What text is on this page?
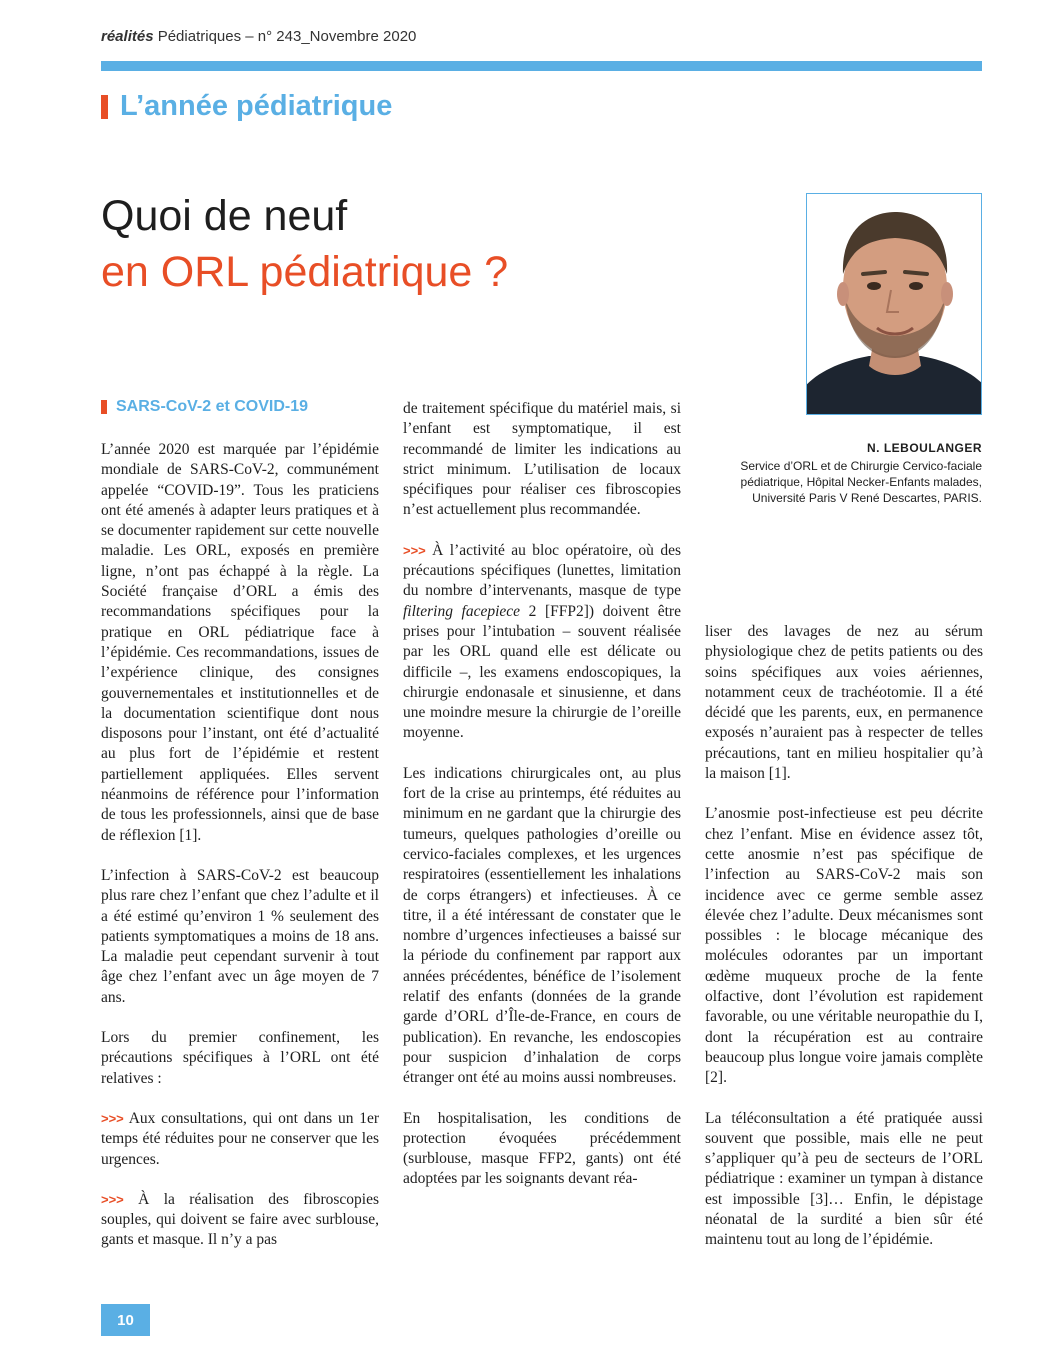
réalités Pédiatriques – n° 243_Novembre 2020
L’année pédiatrique
Quoi de neuf
en ORL pédiatrique ?
N. LEBOULANGER
Service d’ORL et de Chirurgie Cervico-faciale
pédiatrique, Hôpital Necker-Enfants malades,
Université Paris V René Descartes, PARIS.
SARS-CoV-2 et COVID-19

L’année 2020 est marquée par l’épidémie mondiale de SARS-CoV-2, communément appelée “COVID-19”. Tous les praticiens ont été amenés à adapter leurs pratiques et à se documenter rapidement sur cette nouvelle maladie. Les ORL, exposés en première ligne, n’ont pas échappé à la règle. La Société française d’ORL a émis des recommandations spécifiques pour la pratique en ORL pédiatrique face à l’épidémie. Ces recommandations, issues de l’expérience clinique, des consignes gouvernementales et institutionnelles et de la documentation scientifique dont nous disposons pour l’instant, ont été d’actualité au plus fort de l’épidémie et restent partiellement appliquées. Elles servent néanmoins de référence pour l’information de tous les professionnels, ainsi que de base de réflexion [1].

L’infection à SARS-CoV-2 est beaucoup plus rare chez l’enfant que chez l’adulte et il a été estimé qu’environ 1 % seulement des patients symptomatiques a moins de 18 ans. La maladie peut cependant survenir à tout âge chez l’enfant avec un âge moyen de 7 ans.

Lors du premier confinement, les précautions spécifiques à l’ORL ont été relatives :

>>> Aux consultations, qui ont dans un 1er temps été réduites pour ne conserver que les urgences.

>>> À la réalisation des fibroscopies souples, qui doivent se faire avec surblouse, gants et masque. Il n’y a pas

de traitement spécifique du matériel mais, si l’enfant est symptomatique, il est recommandé de limiter les indications au strict minimum. L’utilisation de locaux spécifiques pour réaliser ces fibroscopies n’est actuellement plus recommandée.

>>> À l’activité au bloc opératoire, où des précautions spécifiques (lunettes, limitation du nombre d’intervenants, masque de type filtering facepiece 2 [FFP2]) doivent être prises pour l’intubation – souvent réalisée par les ORL quand elle est délicate ou difficile –, les examens endoscopiques, la chirurgie endonasale et sinusienne, et dans une moindre mesure la chirurgie de l’oreille moyenne.

Les indications chirurgicales ont, au plus fort de la crise au printemps, été réduites au minimum en ne gardant que la chirurgie des tumeurs, quelques pathologies d’oreille ou cervico-faciales complexes, et les urgences respiratoires (essentiellement les inhalations de corps étrangers) et infectieuses. À ce titre, il a été intéressant de constater que le nombre d’urgences infectieuses a baissé sur la période du confinement par rapport aux années précédentes, bénéfice de l’isolement relatif des enfants (données de la grande garde d’ORL d’Île-de-France, en cours de publication). En revanche, les endoscopies pour suspicion d’inhalation de corps étranger ont été au moins aussi nombreuses.

En hospitalisation, les conditions de protection évoquées précédemment (surblouse, masque FFP2, gants) ont été adoptées par les soignants devant réa-

liser des lavages de nez au sérum physiologique chez de petits patients ou des soins spécifiques aux voies aériennes, notamment ceux de trachéotomie. Il a été décidé que les parents, eux, en permanence exposés n’auraient pas à respecter de telles précautions, tant en milieu hospitalier qu’à la maison [1].

L’anosmie post-infectieuse est peu décrite chez l’enfant. Mise en évidence assez tôt, cette anosmie n’est pas spécifique de l’infection au SARS-CoV-2 mais son incidence avec ce germe semble assez élevée chez l’adulte. Deux mécanismes sont possibles : le blocage mécanique des molécules odorantes par un important œdème muqueux proche de la fente olfactive, dont l’évolution est rapidement favorable, ou une véritable neuropathie du I, dont la récupération est au contraire beaucoup plus longue voire jamais complète [2].

La téléconsultation a été pratiquée aussi souvent que possible, mais elle ne peut s’appliquer qu’à peu de secteurs de l’ORL pédiatrique : examiner un tympan à distance est impossible [3]… Enfin, le dépistage néonatal de la surdité a bien sûr été maintenu tout au long de l’épidémie.

10
